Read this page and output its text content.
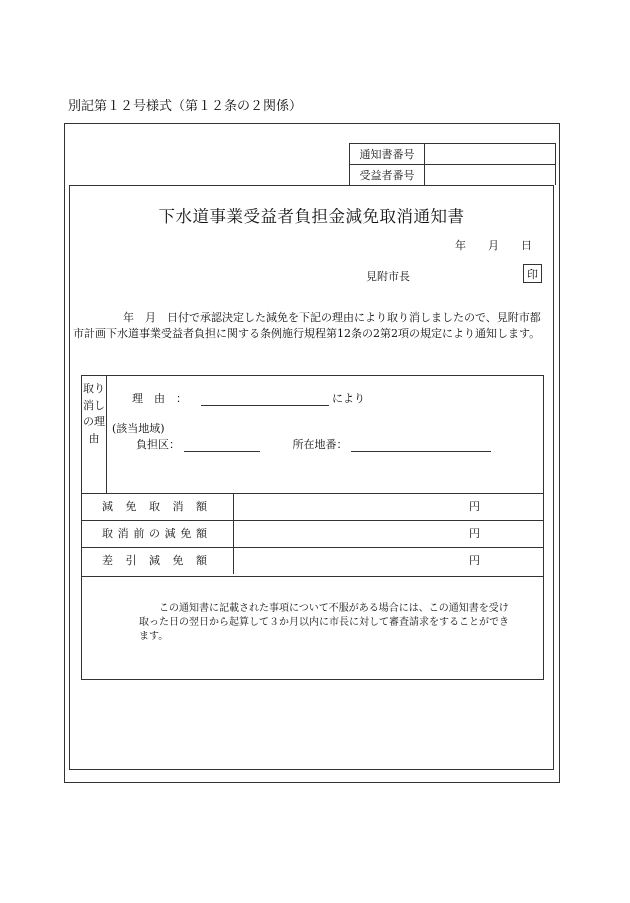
別記第１２号様式（第１２条の２関係）
通知書番号
受益者番号
下水道事業受益者負担金減免取消通知書
年　　月　　日
見附市長	印

年　月　日付で承認決定した減免を下記の理由により取り消しましたので、見附市都市計画下水道事業受益者負担に関する条例施行規程第12条の2第2項の規定により通知します。

取り消しの理由
理　由　：	により
(該当地域)
負担区：	所在地番：
減免取消額	円
取消前の減免額	円
差引減免額	円

この通知書に記載された事項について不服がある場合には、この通知書を受け取った日の翌日から起算して３か月以内に市長に対して審査請求をすることができます。
